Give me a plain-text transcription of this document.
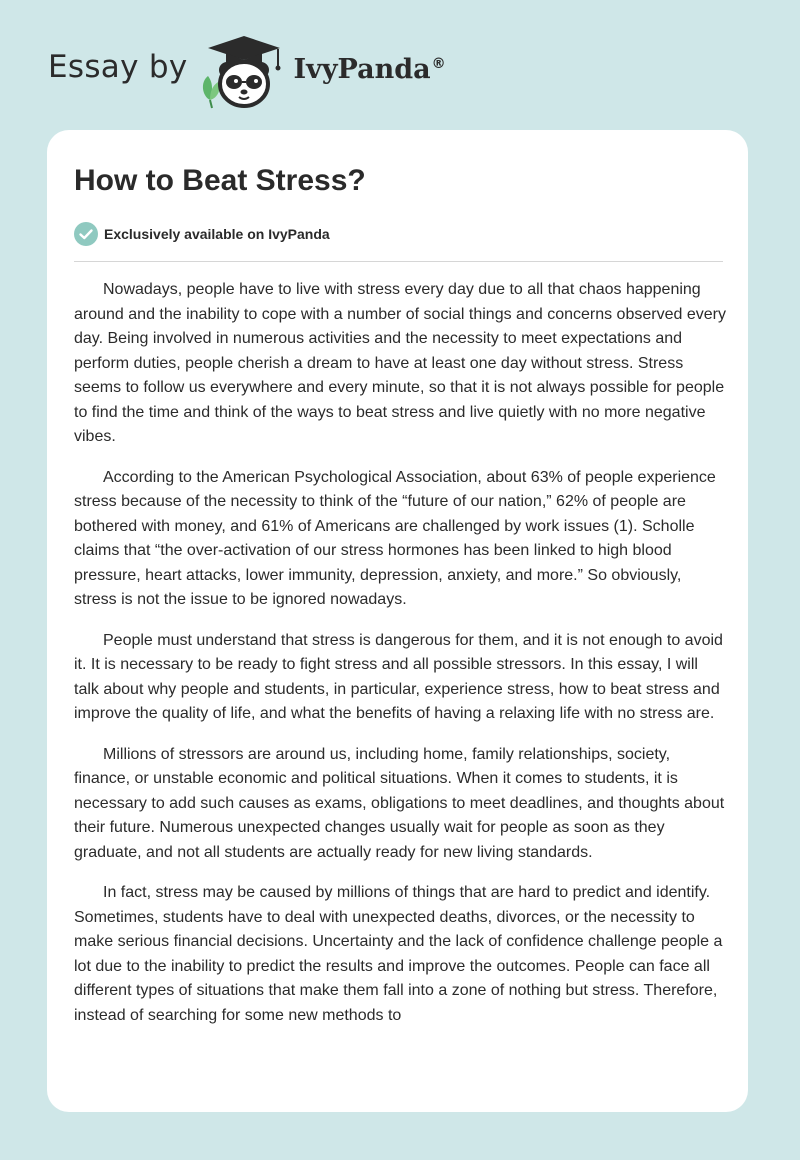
Essay by	IvyPanda®
How to Beat Stress?
Exclusively available on IvyPanda

Nowadays, people have to live with stress every day due to all that chaos happening around and the inability to cope with a number of social things and concerns observed every day. Being involved in numerous activities and the necessity to meet expectations and perform duties, people cherish a dream to have at least one day without stress. Stress seems to follow us everywhere and every minute, so that it is not always possible for people to find the time and think of the ways to beat stress and live quietly with no more negative vibes.

According to the American Psychological Association, about 63% of people experience stress because of the necessity to think of the “future of our nation,” 62% of people are bothered with money, and 61% of Americans are challenged by work issues (1). Scholle claims that “the over-activation of our stress hormones has been linked to high blood pressure, heart attacks, lower immunity, depression, anxiety, and more.” So obviously, stress is not the issue to be ignored nowadays.

People must understand that stress is dangerous for them, and it is not enough to avoid it. It is necessary to be ready to fight stress and all possible stressors. In this essay, I will talk about why people and students, in particular, experience stress, how to beat stress and improve the quality of life, and what the benefits of having a relaxing life with no stress are.

Millions of stressors are around us, including home, family relationships, society, finance, or unstable economic and political situations. When it comes to students, it is necessary to add such causes as exams, obligations to meet deadlines, and thoughts about their future. Numerous unexpected changes usually wait for people as soon as they graduate, and not all students are actually ready for new living standards.

In fact, stress may be caused by millions of things that are hard to predict and identify. Sometimes, students have to deal with unexpected deaths, divorces, or the necessity to make serious financial decisions. Uncertainty and the lack of confidence challenge people a lot due to the inability to predict the results and improve the outcomes. People can face all different types of situations that make them fall into a zone of nothing but stress. Therefore, instead of searching for some new methods to
